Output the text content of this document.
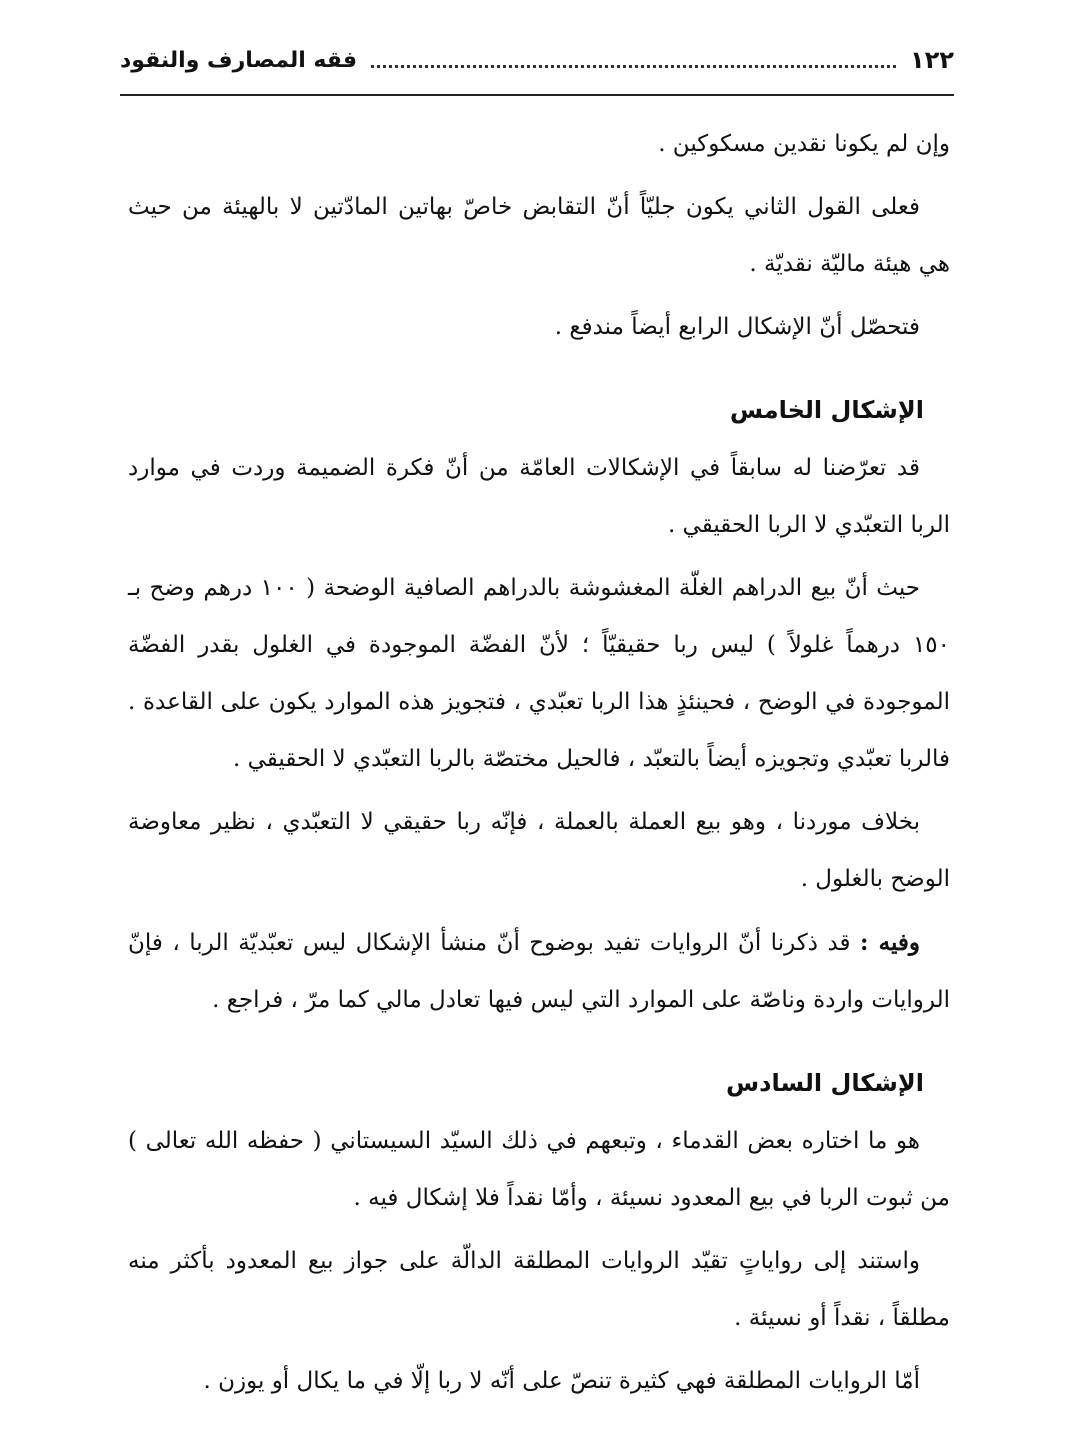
١٢٢
فقه المصارف والنقود

وإن لم يكونا نقدين مسكوكين .

فعلى القول الثاني يكون جليّاً أنّ التقابض خاصّ بهاتين المادّتين لا بالهيئة من حيث هي هيئة ماليّة نقديّة .

فتحصّل أنّ الإشكال الرابع أيضاً مندفع .

الإشكال الخامس

قد تعرّضنا له سابقاً في الإشكالات العامّة من أنّ فكرة الضميمة وردت في موارد الربا التعبّدي لا الربا الحقيقي .

حيث أنّ بيع الدراهم الغلّة المغشوشة بالدراهم الصافية الوضحة ( ١٠٠ درهم وضح بـ ١٥٠ درهماً غلولاً ) ليس ربا حقيقيّاً ؛ لأنّ الفضّة الموجودة في الغلول بقدر الفضّة الموجودة في الوضح ، فحينئذٍ هذا الربا تعبّدي ، فتجويز هذه الموارد يكون على القاعدة . فالربا تعبّدي وتجويزه أيضاً بالتعبّد ، فالحيل مختصّة بالربا التعبّدي لا الحقيقي .

بخلاف موردنا ، وهو بيع العملة بالعملة ، فإنّه ربا حقيقي لا التعبّدي ، نظير معاوضة الوضح بالغلول .

وفيه : قد ذكرنا أنّ الروايات تفيد بوضوح أنّ منشأ الإشكال ليس تعبّديّة الربا ، فإنّ الروايات واردة وناصّة على الموارد التي ليس فيها تعادل مالي كما مرّ ، فراجع .

الإشكال السادس

هو ما اختاره بعض القدماء ، وتبعهم في ذلك السيّد السيستاني ( حفظه الله تعالى ) من ثبوت الربا في بيع المعدود نسيئة ، وأمّا نقداً فلا إشكال فيه .

واستند إلى رواياتٍ تقيّد الروايات المطلقة الدالّة على جواز بيع المعدود بأكثر منه مطلقاً ، نقداً أو نسيئة .

أمّا الروايات المطلقة فهي كثيرة تنصّ على أنّه لا ربا إلّا في ما يكال أو يوزن .
